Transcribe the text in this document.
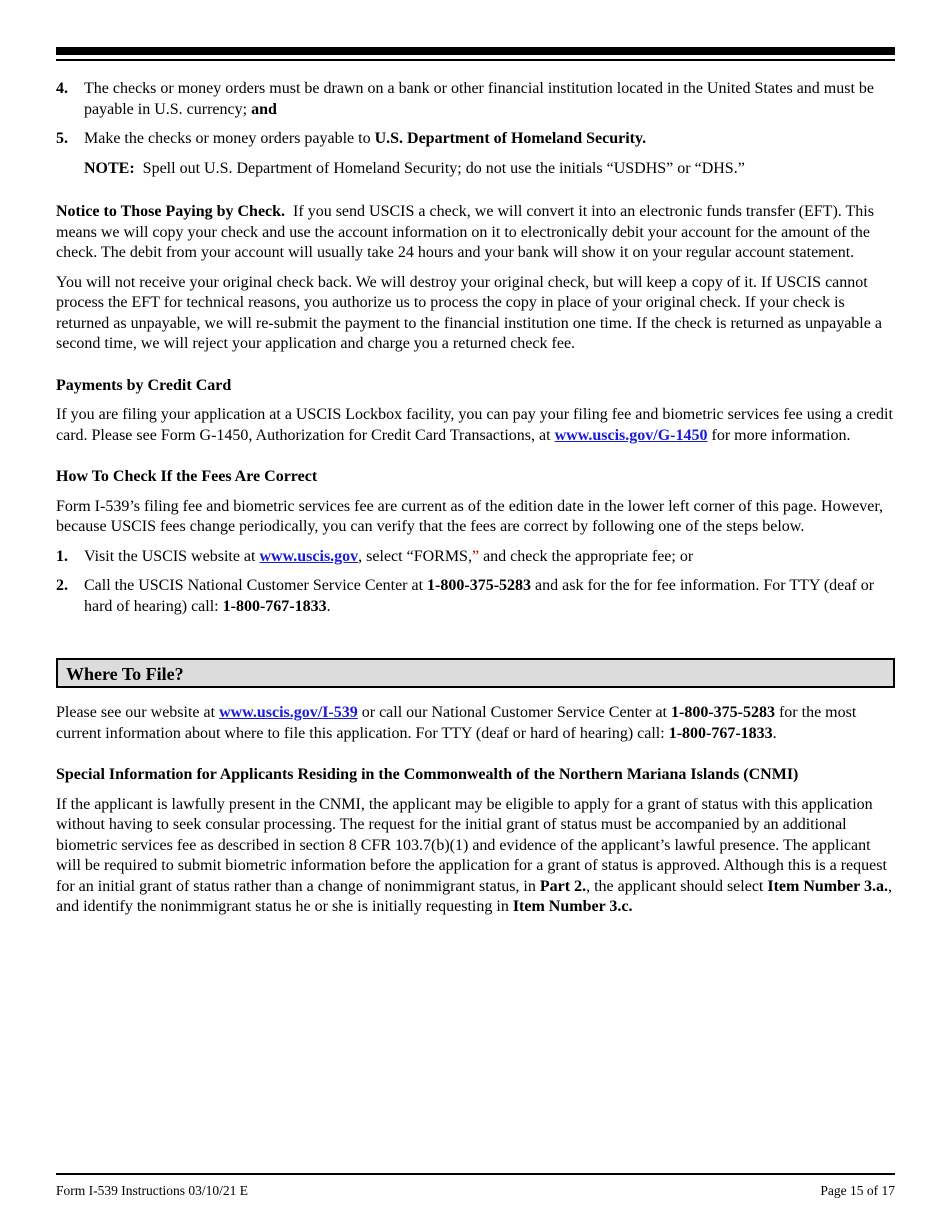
4.	The checks or money orders must be drawn on a bank or other financial institution located in the United States and must be payable in U.S. currency; and
5.	Make the checks or money orders payable to U.S. Department of Homeland Security.
NOTE: Spell out U.S. Department of Homeland Security; do not use the initials “USDHS” or “DHS.”

Notice to Those Paying by Check. If you send USCIS a check, we will convert it into an electronic funds transfer (EFT). This means we will copy your check and use the account information on it to electronically debit your account for the amount of the check. The debit from your account will usually take 24 hours and your bank will show it on your regular account statement.

You will not receive your original check back. We will destroy your original check, but will keep a copy of it. If USCIS cannot process the EFT for technical reasons, you authorize us to process the copy in place of your original check. If your check is returned as unpayable, we will re-submit the payment to the financial institution one time. If the check is returned as unpayable a second time, we will reject your application and charge you a returned check fee.

Payments by Credit Card

If you are filing your application at a USCIS Lockbox facility, you can pay your filing fee and biometric services fee using a credit card. Please see Form G-1450, Authorization for Credit Card Transactions, at www.uscis.gov/G-1450 for more information.

How To Check If the Fees Are Correct

Form I-539’s filing fee and biometric services fee are current as of the edition date in the lower left corner of this page. However, because USCIS fees change periodically, you can verify that the fees are correct by following one of the steps below.

1.	Visit the USCIS website at www.uscis.gov, select “FORMS,” and check the appropriate fee; or
2.	Call the USCIS National Customer Service Center at 1-800-375-5283 and ask for the for fee information. For TTY (deaf or hard of hearing) call: 1-800-767-1833.
Where To File?

Please see our website at www.uscis.gov/I-539 or call our National Customer Service Center at 1-800-375-5283 for the most current information about where to file this application. For TTY (deaf or hard of hearing) call: 1-800-767-1833.

Special Information for Applicants Residing in the Commonwealth of the Northern Mariana Islands (CNMI)

If the applicant is lawfully present in the CNMI, the applicant may be eligible to apply for a grant of status with this application without having to seek consular processing. The request for the initial grant of status must be accompanied by an additional biometric services fee as described in section 8 CFR 103.7(b)(1) and evidence of the applicant’s lawful presence. The applicant will be required to submit biometric information before the application for a grant of status is approved. Although this is a request for an initial grant of status rather than a change of nonimmigrant status, in Part 2., the applicant should select Item Number 3.a., and identify the nonimmigrant status he or she is initially requesting in Item Number 3.c.

Form I-539 Instructions 03/10/21 E	Page 15 of 17
